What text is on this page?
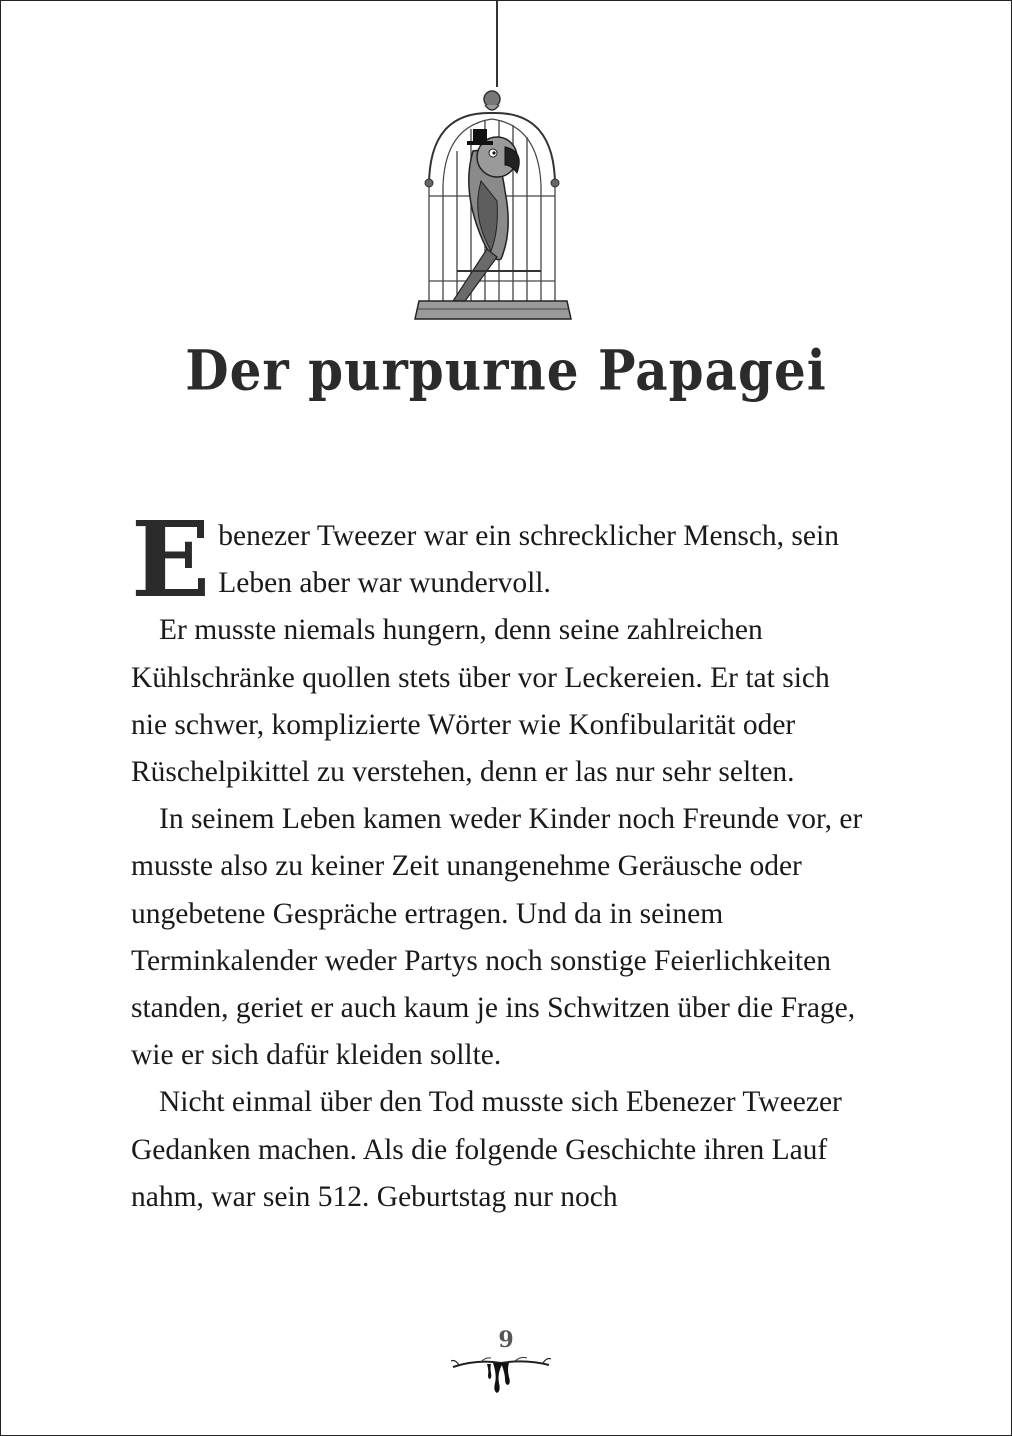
Der purpurne Papagei

Ebenezer Tweezer war ein schrecklicher Mensch, sein Leben aber war wundervoll.

Er musste niemals hungern, denn seine zahlreichen Kühlschränke quollen stets über vor Leckereien. Er tat sich nie schwer, komplizierte Wörter wie Konfibularität oder Rüschelpikittel zu verstehen, denn er las nur sehr selten.

In seinem Leben kamen weder Kinder noch Freunde vor, er musste also zu keiner Zeit unangenehme Geräusche oder ungebetene Gespräche ertragen. Und da in seinem Terminkalender weder Partys noch sonstige Feierlichkeiten standen, geriet er auch kaum je ins Schwitzen über die Frage, wie er sich dafür kleiden sollte.

Nicht einmal über den Tod musste sich Ebenezer Tweezer Gedanken machen. Als die folgende Geschichte ihren Lauf nahm, war sein 512. Geburtstag nur noch

9
